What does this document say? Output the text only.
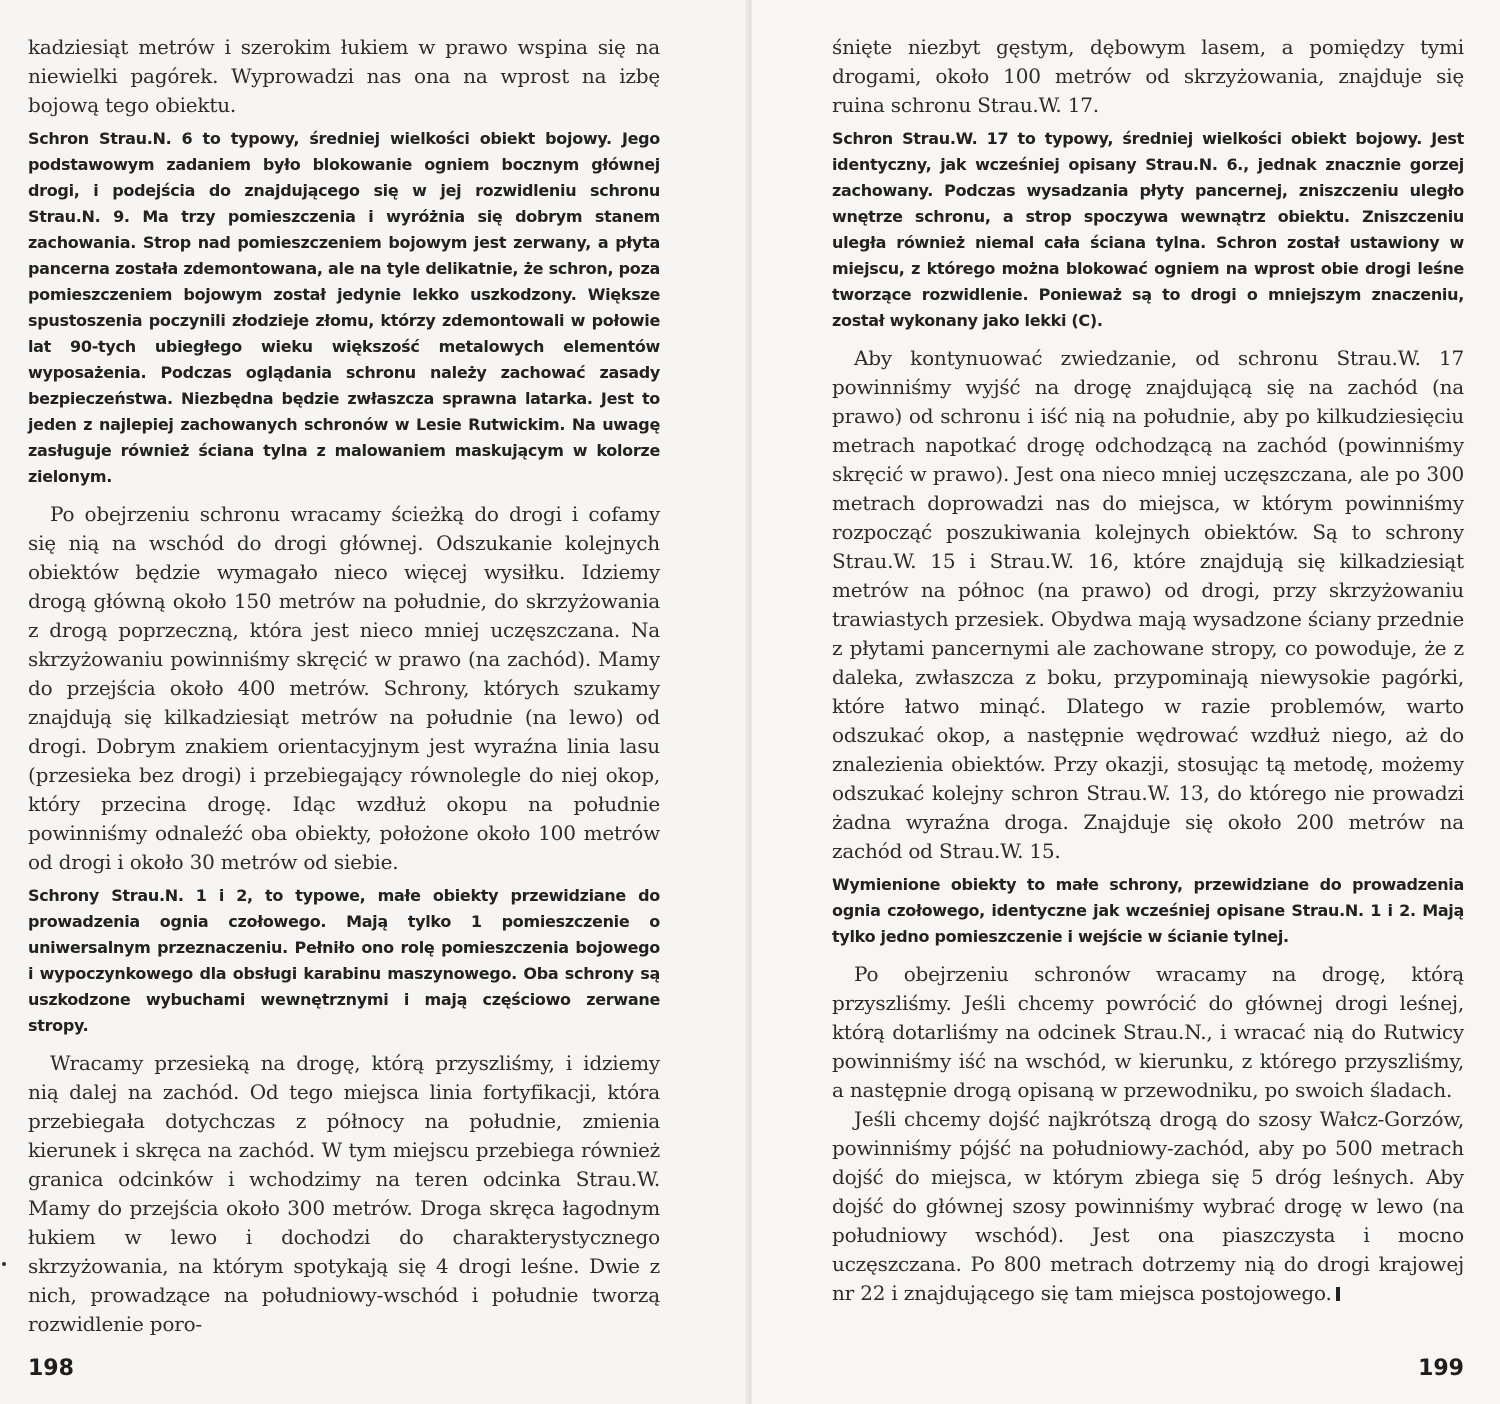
kadziesiąt metrów i szerokim łukiem w prawo wspina się na niewielki pagórek. Wyprowadzi nas ona na wprost na izbę bojową tego obiektu.

Schron Strau.N. 6 to typowy, średniej wielkości obiekt bojowy. Jego podstawowym zadaniem było blokowanie ogniem bocznym głównej drogi, i podejścia do znajdującego się w jej rozwidleniu schronu Strau.N. 9. Ma trzy pomieszczenia i wyróżnia się dobrym stanem zachowania. Strop nad pomieszczeniem bojowym jest zerwany, a płyta pancerna została zdemontowana, ale na tyle delikatnie, że schron, poza pomieszczeniem bojowym został jedynie lekko uszkodzony. Większe spustoszenia poczynili złodzieje złomu, którzy zdemontowali w połowie lat 90-tych ubiegłego wieku większość metalowych elementów wyposażenia. Podczas oglądania schronu należy zachować zasady bezpieczeństwa. Niezbędna będzie zwłaszcza sprawna latarka. Jest to jeden z najlepiej zachowanych schronów w Lesie Rutwickim. Na uwagę zasługuje również ściana tylna z malowaniem maskującym w kolorze zielonym.

Po obejrzeniu schronu wracamy ścieżką do drogi i cofamy się nią na wschód do drogi głównej. Odszukanie kolejnych obiektów będzie wymagało nieco więcej wysiłku. Idziemy drogą główną około 150 metrów na południe, do skrzyżowania z drogą poprzeczną, która jest nieco mniej uczęszczana. Na skrzyżowaniu powinniśmy skręcić w prawo (na zachód). Mamy do przejścia około 400 metrów. Schrony, których szukamy znajdują się kilkadziesiąt metrów na południe (na lewo) od drogi. Dobrym znakiem orientacyjnym jest wyraźna linia lasu (przesieka bez drogi) i przebiegający równolegle do niej okop, który przecina drogę. Idąc wzdłuż okopu na południe powinniśmy odnaleźć oba obiekty, położone około 100 metrów od drogi i około 30 metrów od siebie.

Schrony Strau.N. 1 i 2, to typowe, małe obiekty przewidziane do prowadzenia ognia czołowego. Mają tylko 1 pomieszczenie o uniwersalnym przeznaczeniu. Pełniło ono rolę pomieszczenia bojowego i wypoczynkowego dla obsługi karabinu maszynowego. Oba schrony są uszkodzone wybuchami wewnętrznymi i mają częściowo zerwane stropy.

Wracamy przesieką na drogę, którą przyszliśmy, i idziemy nią dalej na zachód. Od tego miejsca linia fortyfikacji, która przebiegała dotychczas z północy na południe, zmienia kierunek i skręca na zachód. W tym miejscu przebiega również granica odcinków i wchodzimy na teren odcinka Strau.W. Mamy do przejścia około 300 metrów. Droga skręca łagodnym łukiem w lewo i dochodzi do charakterystycznego skrzyżowania, na którym spotykają się 4 drogi leśne. Dwie z nich, prowadzące na południowy-wschód i południe tworzą rozwidlenie poro-

198

śnięte niezbyt gęstym, dębowym lasem, a pomiędzy tymi drogami, około 100 metrów od skrzyżowania, znajduje się ruina schronu Strau.W. 17.

Schron Strau.W. 17 to typowy, średniej wielkości obiekt bojowy. Jest identyczny, jak wcześniej opisany Strau.N. 6., jednak znacznie gorzej zachowany. Podczas wysadzania płyty pancernej, zniszczeniu uległo wnętrze schronu, a strop spoczywa wewnątrz obiektu. Zniszczeniu uległa również niemal cała ściana tylna. Schron został ustawiony w miejscu, z którego można blokować ogniem na wprost obie drogi leśne tworzące rozwidlenie. Ponieważ są to drogi o mniejszym znaczeniu, został wykonany jako lekki (C).

Aby kontynuować zwiedzanie, od schronu Strau.W. 17 powinniśmy wyjść na drogę znajdującą się na zachód (na prawo) od schronu i iść nią na południe, aby po kilkudziesięciu metrach napotkać drogę odchodzącą na zachód (powinniśmy skręcić w prawo). Jest ona nieco mniej uczęszczana, ale po 300 metrach doprowadzi nas do miejsca, w którym powinniśmy rozpocząć poszukiwania kolejnych obiektów. Są to schrony Strau.W. 15 i Strau.W. 16, które znajdują się kilkadziesiąt metrów na północ (na prawo) od drogi, przy skrzyżowaniu trawiastych przesiek. Obydwa mają wysadzone ściany przednie z płytami pancernymi ale zachowane stropy, co powoduje, że z daleka, zwłaszcza z boku, przypominają niewysokie pagórki, które łatwo minąć. Dlatego w razie problemów, warto odszukać okop, a następnie wędrować wzdłuż niego, aż do znalezienia obiektów. Przy okazji, stosując tą metodę, możemy odszukać kolejny schron Strau.W. 13, do którego nie prowadzi żadna wyraźna droga. Znajduje się około 200 metrów na zachód od Strau.W. 15.

Wymienione obiekty to małe schrony, przewidziane do prowadzenia ognia czołowego, identyczne jak wcześniej opisane Strau.N. 1 i 2. Mają tylko jedno pomieszczenie i wejście w ścianie tylnej.

Po obejrzeniu schronów wracamy na drogę, którą przyszliśmy. Jeśli chcemy powrócić do głównej drogi leśnej, którą dotarliśmy na odcinek Strau.N., i wracać nią do Rutwicy powinniśmy iść na wschód, w kierunku, z którego przyszliśmy, a następnie drogą opisaną w przewodniku, po swoich śladach.

Jeśli chcemy dojść najkrótszą drogą do szosy Wałcz-Gorzów, powinniśmy pójść na południowy-zachód, aby po 500 metrach dojść do miejsca, w którym zbiega się 5 dróg leśnych. Aby dojść do głównej szosy powinniśmy wybrać drogę w lewo (na południowy wschód). Jest ona piaszczysta i mocno uczęszczana. Po 800 metrach dotrzemy nią do drogi krajowej nr 22 i znajdującego się tam miejsca postojowego.

199
